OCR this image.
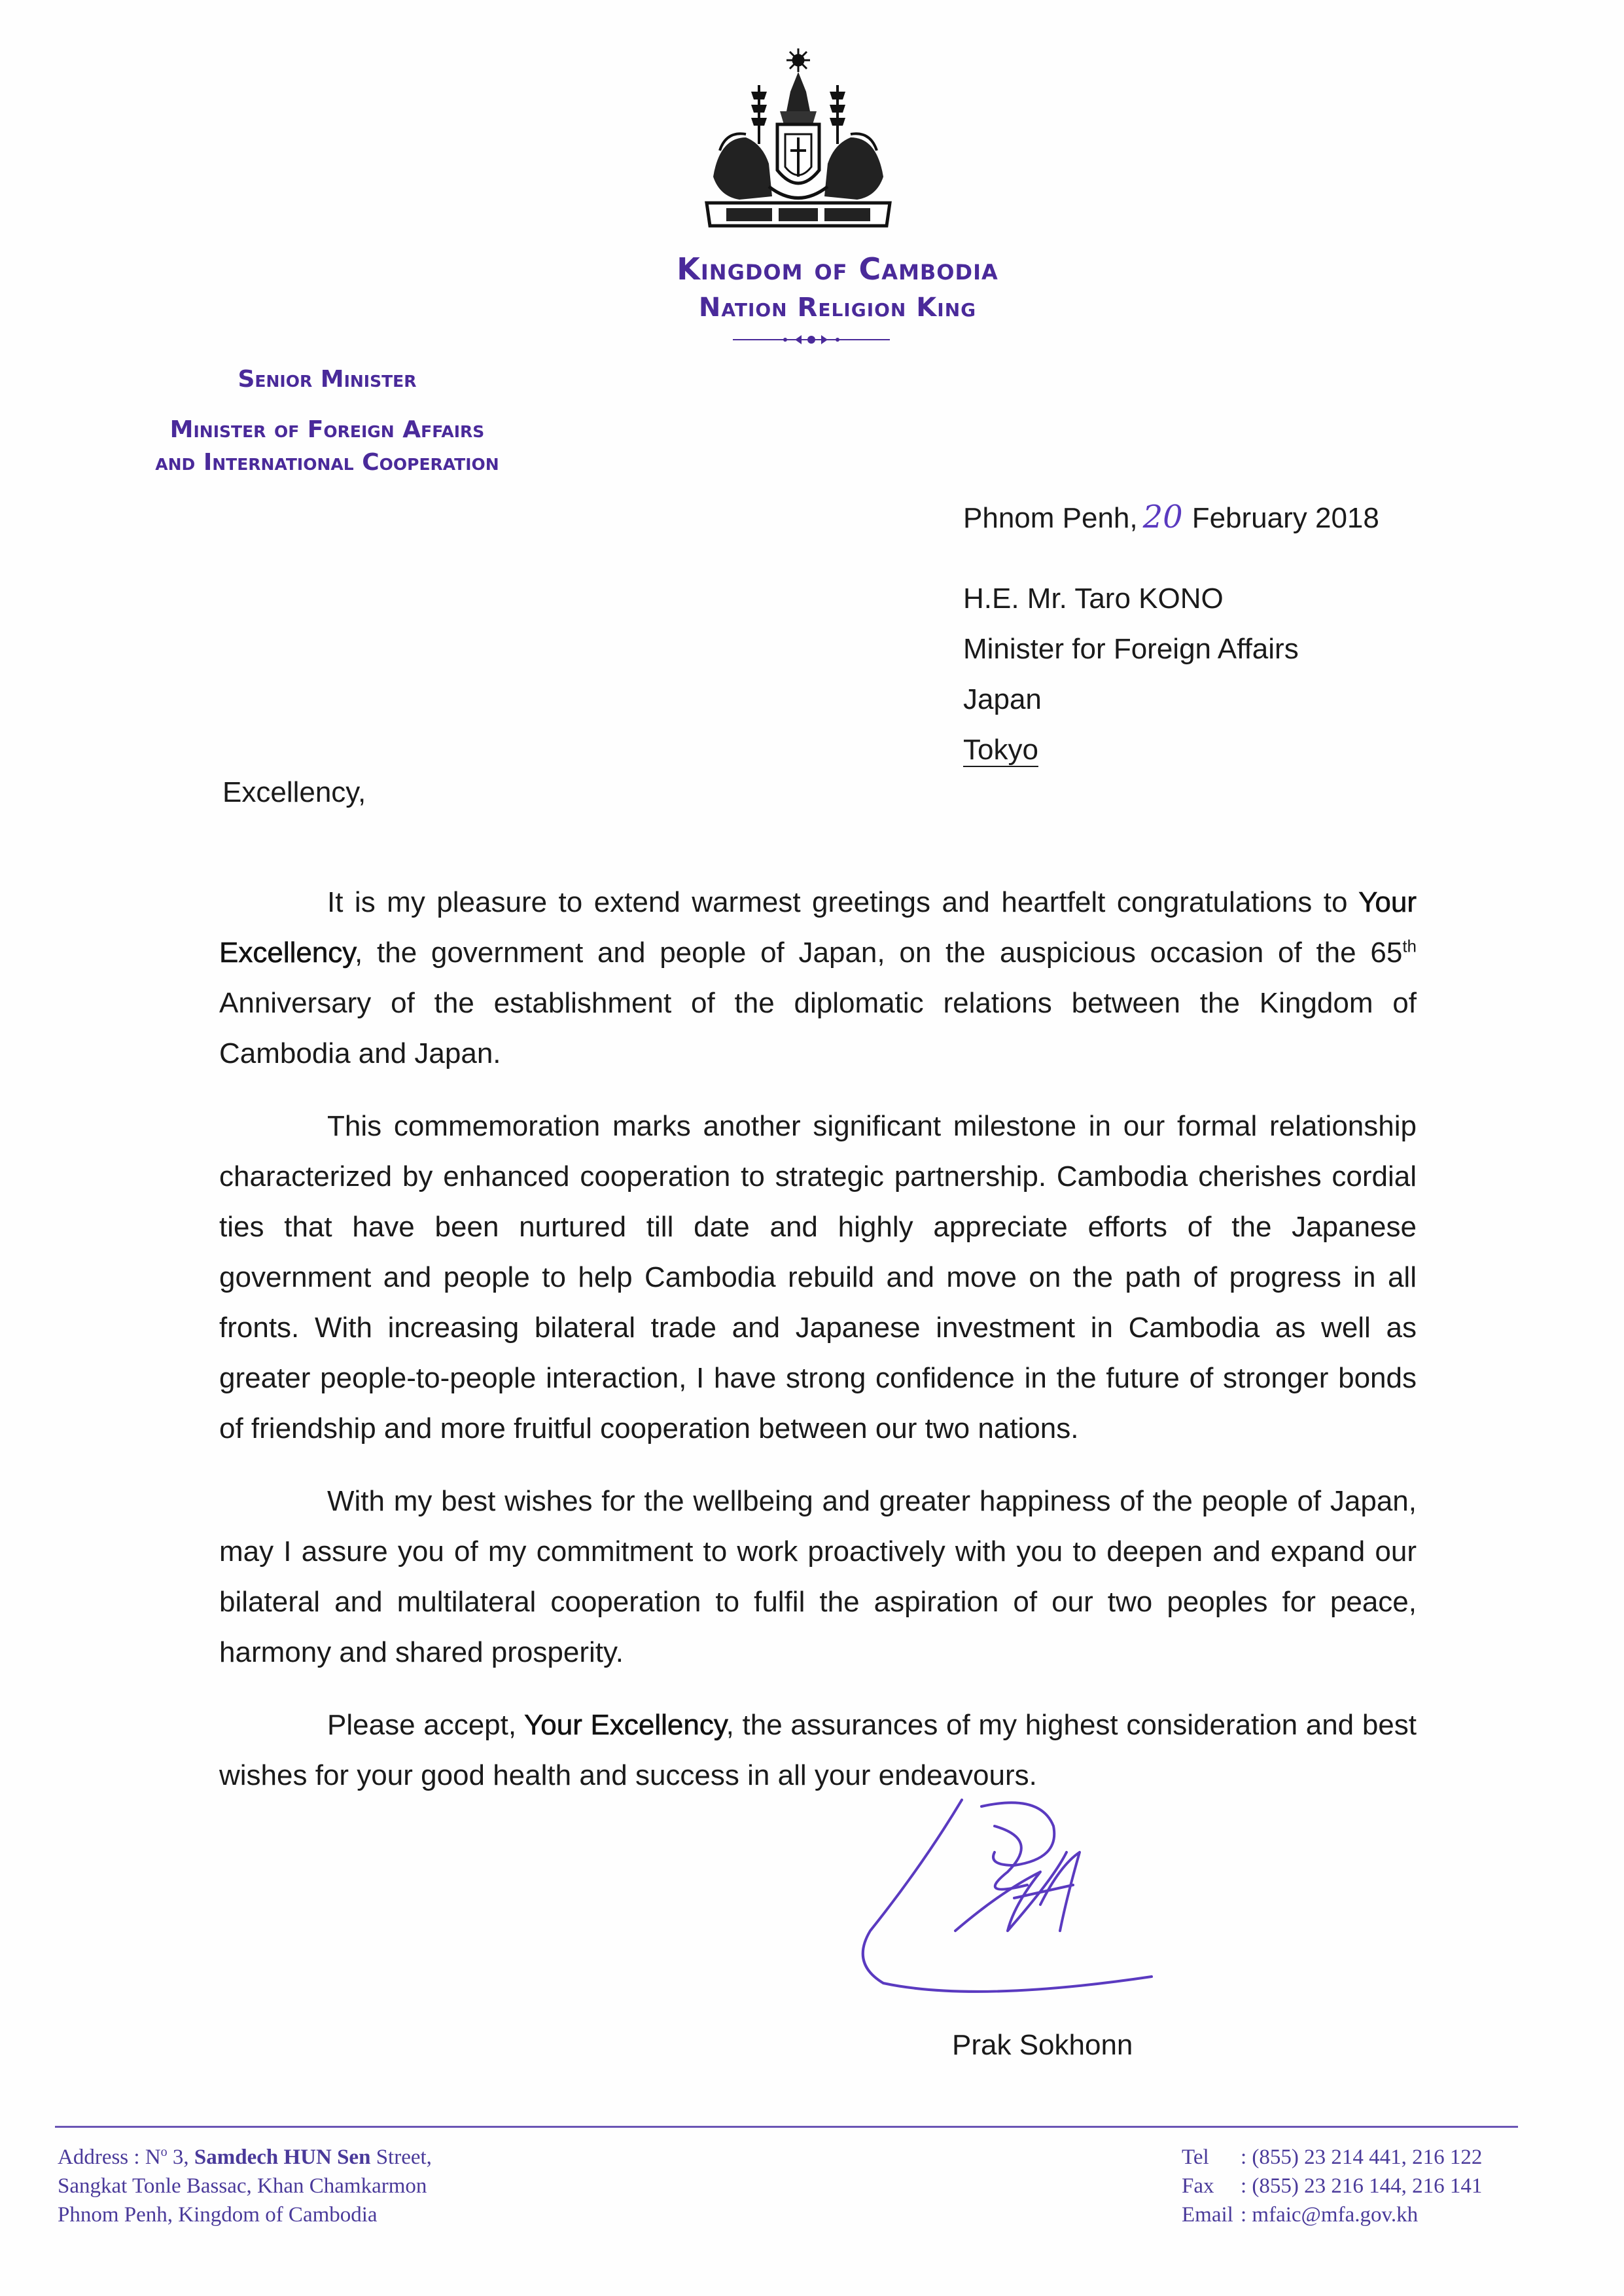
Kingdom of Cambodia
Nation Religion King
Senior Minister
Minister of Foreign Affairs
and International Cooperation
Phnom Penh, 20 February 2018
H.E. Mr. Taro KONO
Minister for Foreign Affairs
Japan
Tokyo
Excellency,

It is my pleasure to extend warmest greetings and heartfelt congratulations to Your Excellency, the government and people of Japan, on the auspicious occasion of the 65th Anniversary of the establishment of the diplomatic relations between the Kingdom of Cambodia and Japan.

This commemoration marks another significant milestone in our formal relationship characterized by enhanced cooperation to strategic partnership. Cambodia cherishes cordial ties that have been nurtured till date and highly appreciate efforts of the Japanese government and people to help Cambodia rebuild and move on the path of progress in all fronts. With increasing bilateral trade and Japanese investment in Cambodia as well as greater people-to-people interaction, I have strong confidence in the future of stronger bonds of friendship and more fruitful cooperation between our two nations.

With my best wishes for the wellbeing and greater happiness of the people of Japan, may I assure you of my commitment to work proactively with you to deepen and expand our bilateral and multilateral cooperation to fulfil the aspiration of our two peoples for peace, harmony and shared prosperity.

Please accept, Your Excellency, the assurances of my highest consideration and best wishes for your good health and success in all your endeavours.

Prak Sokhonn
Address : $N^o$ 3, Samdech HUN Sen Street,
Sangkat Tonle Bassac, Khan Chamkarmon
Phnom Penh, Kingdom of Cambodia
Tel : (855) 23 214 441, 216 122
Fax : (855) 23 216 144, 216 141
Email : mfaic@mfa.gov.kh
